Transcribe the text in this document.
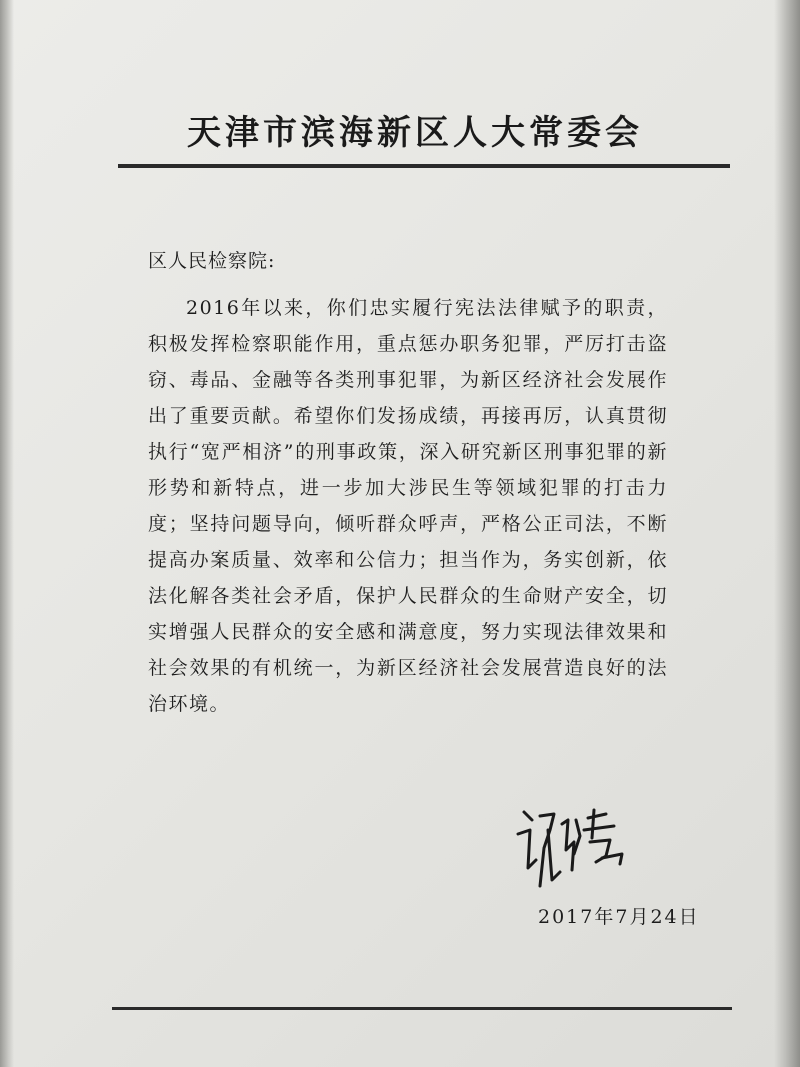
天津市滨海新区人大常委会
区人民检察院:

2016年以来，你们忠实履行宪法法律赋予的职责，积极发挥检察职能作用，重点惩办职务犯罪，严厉打击盗窃、毒品、金融等各类刑事犯罪，为新区经济社会发展作出了重要贡献。希望你们发扬成绩，再接再厉，认真贯彻执行“宽严相济”的刑事政策，深入研究新区刑事犯罪的新形势和新特点，进一步加大涉民生等领域犯罪的打击力度；坚持问题导向，倾听群众呼声，严格公正司法，不断提高办案质量、效率和公信力；担当作为，务实创新，依法化解各类社会矛盾，保护人民群众的生命财产安全，切实增强人民群众的安全感和满意度，努力实现法律效果和社会效果的有机统一，为新区经济社会发展营造良好的法治环境。

2017年7月24日
